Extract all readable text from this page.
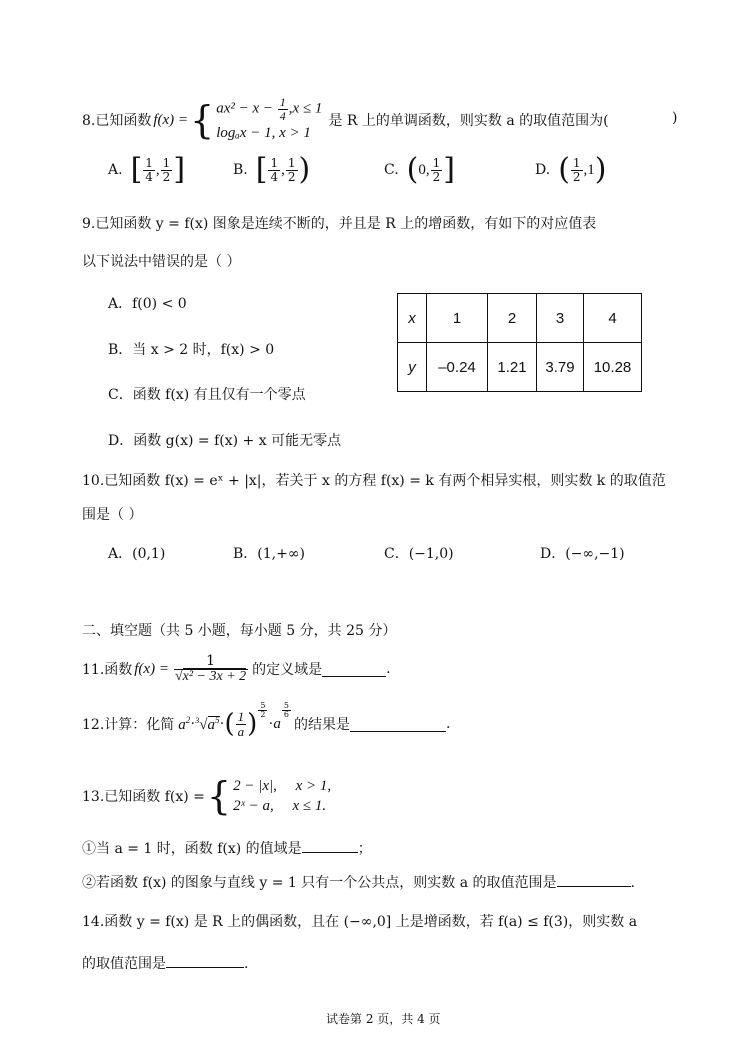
8.已知函数 f(x) = { $ax^2 - x - \frac{1}{4} ,x \le 1$
logₐx − 1, x > 1
是 R 上的单调函数，则实数 a 的取值范围为(	)
A. [ $\frac{1}{4}$ , $\frac{1}{2}$ ]	B. [ $\frac{1}{4}$ , $\frac{1}{2}$ )	C. ( 0 , $\frac{1}{2}$ ]	D. ( $\frac{1}{2}$ , 1 )
9.已知函数 y = f(x) 图象是连续不断的，并且是 R 上的增函数，有如下的对应值表
以下说法中错误的是（ ）
A．f(0) < 0
B．当 x > 2 时，f(x) > 0
C．函数 f(x) 有且仅有一个零点
D．函数 g(x) = f(x) + x 可能无零点
x	1	2	3	4
y	–0.24	1.21	3.79	10.28
10.已知函数 f(x) = eˣ + |x|，若关于 x 的方程 f(x) = k 有两个相异实根，则实数 k 的取值范
围是（ ）
A．(0,1)	B．(1,+∞)	C．(−1,0)	D．(−∞,−1)
二、填空题（共 5 小题，每小题 5 分，共 25 分）
11.函数 $f(x) = \frac{1}{\text{√x² − 3x + 2}}$ 的定义域是	.
12.计算：化简 $a^2 \cdot ^3√a^5$ · ( $\frac{1}{a}$ ) $\frac{5}{2}$
· a
$\frac{5}{6}$
的结果是	.
13.已知函数 f(x) = { 2 − |x|,     x > 1,
2ˣ − a,     x ≤ 1.
①当 a = 1 时，函数 f(x) 的值域是	；
②若函数 f(x) 的图象与直线 y = 1 只有一个公共点，则实数 a 的取值范围是	.
14.函数 y = f(x) 是 R 上的偶函数，且在 (−∞,0] 上是增函数，若 f(a) ≤ f(3)，则实数 a
的取值范围是	.
试卷第 2 页，共 4 页
